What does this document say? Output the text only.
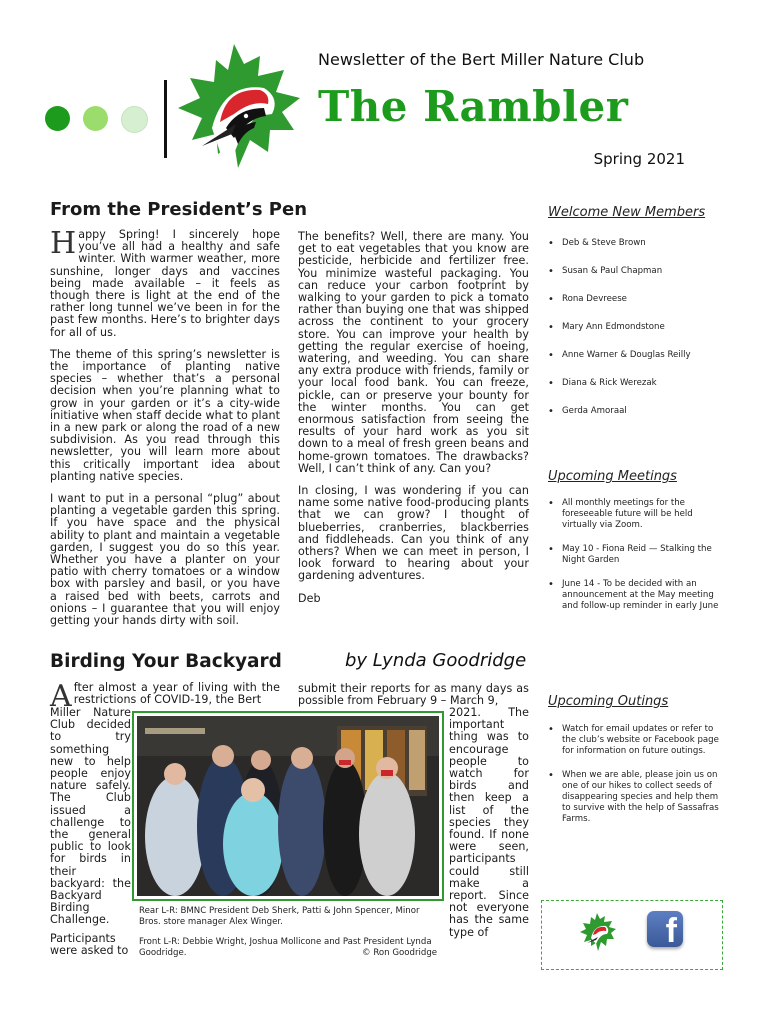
Newsletter of the Bert Miller Nature Club
The Rambler
Spring 2021
From the President’s Pen

Happy Spring! I sincerely hope you’ve all had a healthy and safe winter. With warmer weather, more sunshine, longer days and vaccines being made available – it feels as though there is light at the end of the rather long tunnel we’ve been in for the past few months. Here’s to brighter days for all of us.

The theme of this spring’s newsletter is the importance of planting native species – whether that’s a personal decision when you’re planning what to grow in your garden or it’s a city-wide initiative when staff decide what to plant in a new park or along the road of a new subdivision. As you read through this newsletter, you will learn more about this critically important idea about planting native species.

I want to put in a personal “plug” about planting a vegetable garden this spring. If you have space and the physical ability to plant and maintain a vegetable garden, I suggest you do so this year. Whether you have a planter on your patio with cherry tomatoes or a window box with parsley and basil, or you have a raised bed with beets, carrots and onions – I guarantee that you will enjoy getting your hands dirty with soil.

The benefits? Well, there are many. You get to eat vegetables that you know are pesticide, herbicide and fertilizer free. You minimize wasteful packaging. You can reduce your carbon footprint by walking to your garden to pick a tomato rather than buying one that was shipped across the continent to your grocery store. You can improve your health by getting the regular exercise of hoeing, watering, and weeding. You can share any extra produce with friends, family or your local food bank. You can freeze, pickle, can or preserve your bounty for the winter months. You can get enormous satisfaction from seeing the results of your hard work as you sit down to a meal of fresh green beans and home-grown tomatoes. The drawbacks? Well, I can’t think of any. Can you?

In closing, I was wondering if you can name some native food-producing plants that we can grow? I thought of blueberries, cranberries, blackberries and fiddleheads. Can you think of any others? When we can meet in person, I look forward to hearing about your gardening adventures.

Deb

Welcome New Members
• Deb & Steve Brown
• Susan & Paul Chapman
• Rona Devreese
• Mary Ann Edmondstone
• Anne Warner & Douglas Reilly
• Diana & Rick Werezak
• Gerda Amoraal
Upcoming Meetings
• All monthly meetings for the foreseeable future will be held virtually via Zoom.
• May 10 - Fiona Reid — Stalking the Night Garden
• June 14 - To be decided with an announcement at the May meeting and follow-up reminder in early June
Upcoming Outings
• Watch for email updates or refer to the club’s website or Facebook page for information on future outings.
• When we are able, please join us on one of our hikes to collect seeds of disappearing species and help them to survive with the help of Sassafras Farms.
f
Birding Your Backyard	by Lynda Goodridge

After almost a year of living with the restrictions of COVID-19, the Bert

Miller Nature Club decided to try something new to help people enjoy nature safely. The Club issued a challenge to the general public to look for birds in their backyard: the Backyard Birding Challenge.

Participants were asked to

submit their reports for as many days as possible from February 9 – March 9,

2021. The important thing was to encourage people to watch for birds and then keep a list of the species they found. If none were seen, participants could still make a report. Since not everyone has the same type of

Rear L-R: BMNC President Deb Sherk, Patti & John Spencer, Minor Bros. store manager Alex Winger.
Front L-R: Debbie Wright, Joshua Mollicone and Past President Lynda Goodridge.	© Ron Goodridge
